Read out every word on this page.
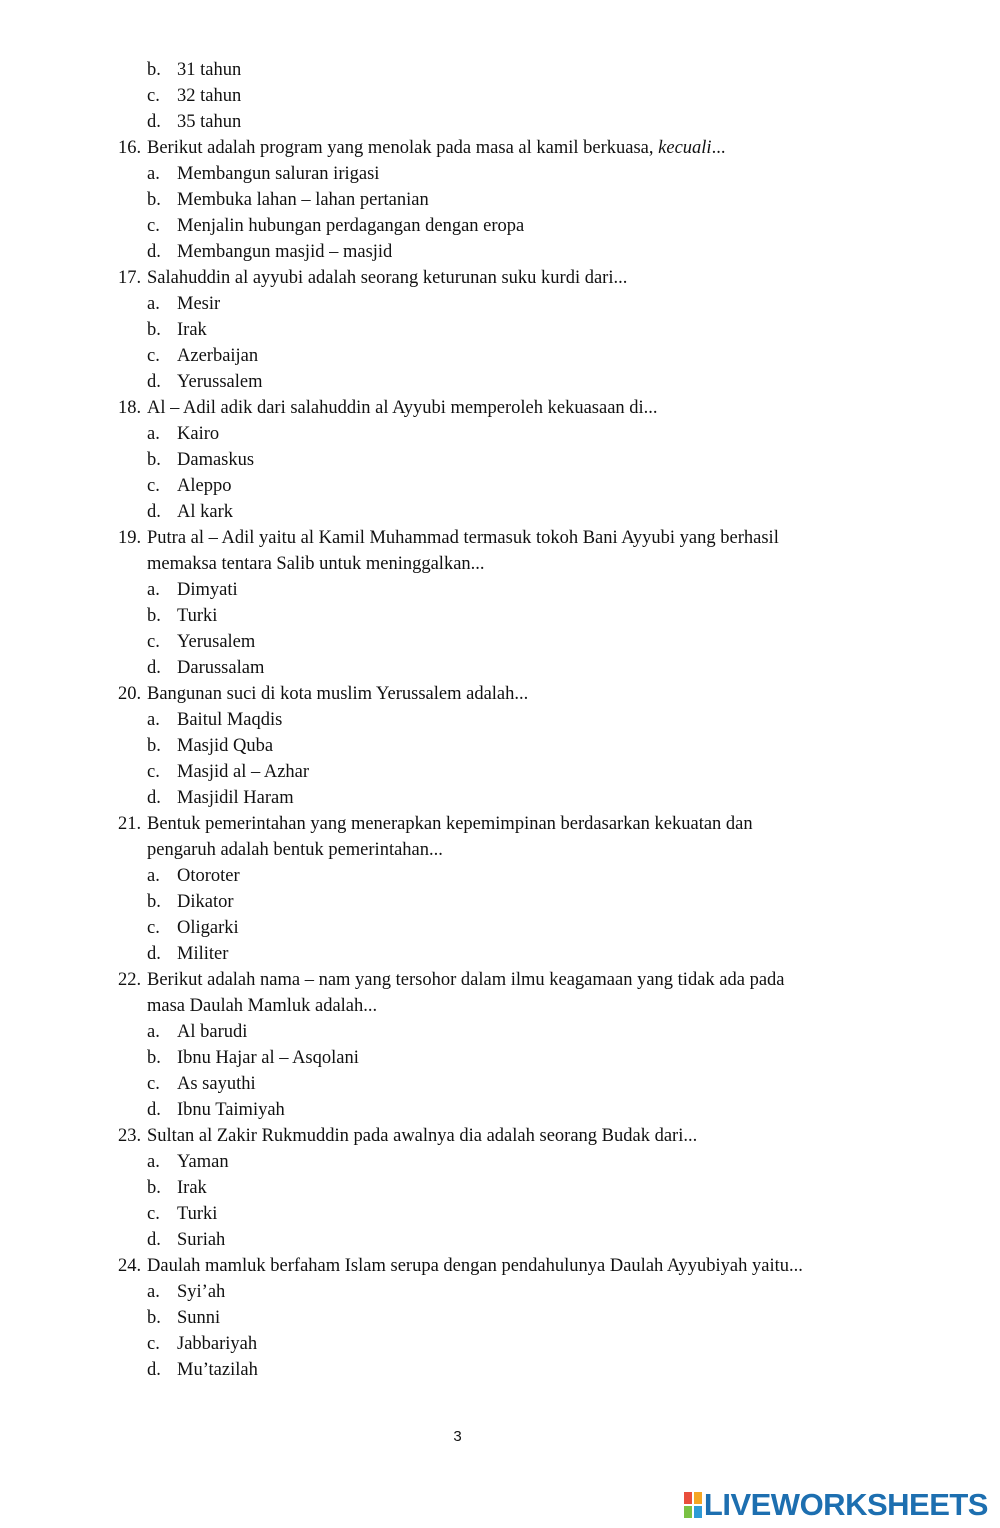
b. 31 tahun
c. 32 tahun
d. 35 tahun
16. Berikut adalah program yang menolak pada masa al kamil berkuasa, kecuali...
a. Membangun saluran irigasi
b. Membuka lahan – lahan pertanian
c. Menjalin hubungan perdagangan dengan eropa
d. Membangun masjid – masjid
17. Salahuddin al ayyubi adalah seorang keturunan suku kurdi dari...
a. Mesir
b. Irak
c. Azerbaijan
d. Yerussalem
18. Al – Adil adik dari salahuddin al Ayyubi memperoleh kekuasaan di...
a. Kairo
b. Damaskus
c. Aleppo
d. Al kark
19. Putra al – Adil yaitu al Kamil Muhammad termasuk tokoh Bani Ayyubi yang berhasil
memaksa tentara Salib untuk meninggalkan...
a. Dimyati
b. Turki
c. Yerusalem
d. Darussalam
20. Bangunan suci di kota muslim Yerussalem adalah...
a. Baitul Maqdis
b. Masjid Quba
c. Masjid al – Azhar
d. Masjidil Haram
21. Bentuk pemerintahan yang menerapkan kepemimpinan berdasarkan kekuatan dan
pengaruh adalah bentuk pemerintahan...
a. Otoroter
b. Dikator
c. Oligarki
d. Militer
22. Berikut adalah nama – nam yang tersohor dalam ilmu keagamaan yang tidak ada pada
masa Daulah Mamluk adalah...
a. Al barudi
b. Ibnu Hajar al – Asqolani
c. As sayuthi
d. Ibnu Taimiyah
23. Sultan al Zakir Rukmuddin pada awalnya dia adalah seorang Budak dari...
a. Yaman
b. Irak
c. Turki
d. Suriah
24. Daulah mamluk berfaham Islam serupa dengan pendahulunya Daulah Ayyubiyah yaitu...
a. Syi’ah
b. Sunni
c. Jabbariyah
d. Mu’tazilah
3
LIVEWORKSHEETS
